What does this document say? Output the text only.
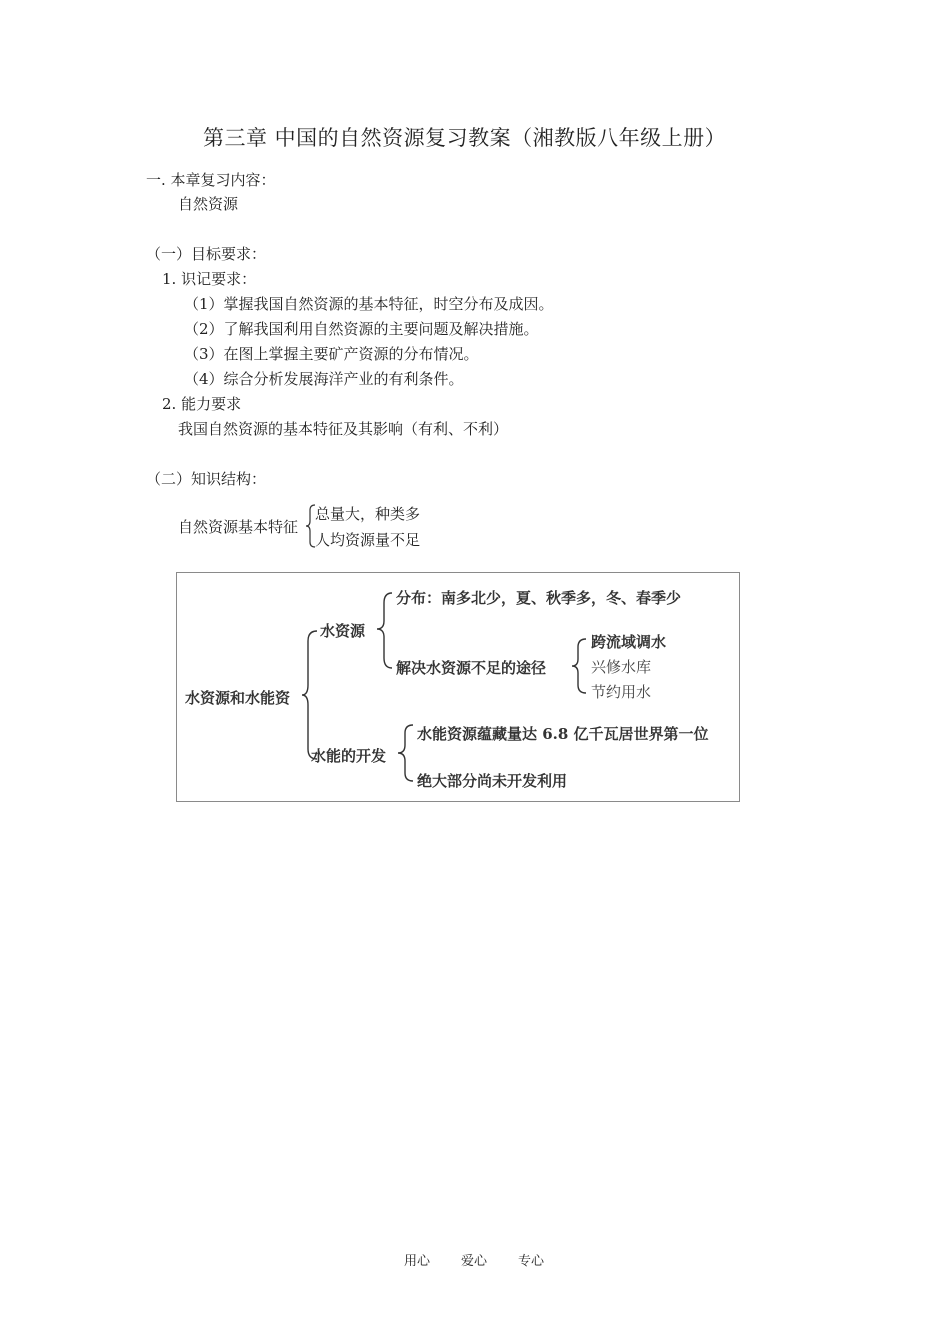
第三章 中国的自然资源复习教案（湘教版八年级上册）
一. 本章复习内容：
自然资源
（一）目标要求：
1. 识记要求：
（1）掌握我国自然资源的基本特征，时空分布及成因。
（2）了解我国利用自然资源的主要问题及解决措施。
（3）在图上掌握主要矿产资源的分布情况。
（4）综合分析发展海洋产业的有利条件。
2. 能力要求
我国自然资源的基本特征及其影响（有利、不利）
（二）知识结构：
自然资源基本特征
总量大，种类多
人均资源量不足
水资源和水能资
水资源
分布：南多北少，夏、秋季多，冬、春季少
解决水资源不足的途径
跨流域调水
兴修水库
节约用水
水能的开发
水能资源蕴藏量达 6.8 亿千瓦居世界第一位
绝大部分尚未开发利用
用心 爱心 专心
